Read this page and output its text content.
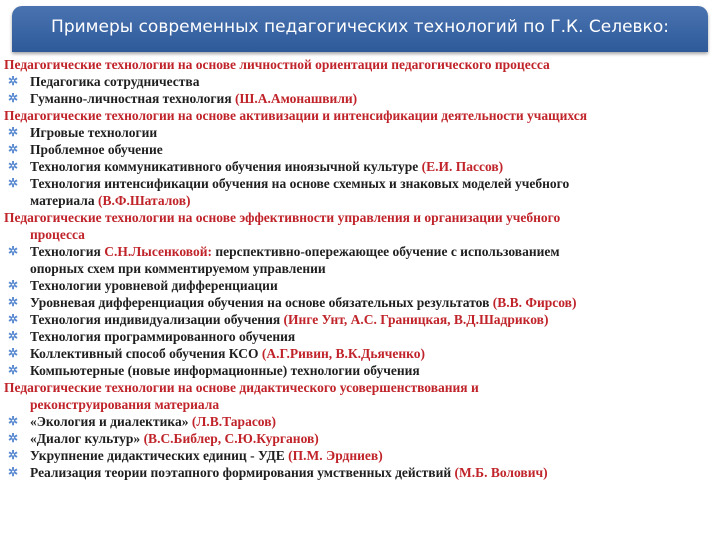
Примеры современных педагогических технологий по Г.К. Селевко:
Педагогические технологии на основе личностной ориентации педагогического процесса
✲ Педагогика сотрудничества
✲ Гуманно-личностная технология (Ш.А.Амонашвили)
Педагогические технологии на основе активизации и интенсификации деятельности учащихся
✲ Игровые технологии
✲ Проблемное обучение
✲ Технология коммуникативного обучения иноязычной культуре (Е.И. Пассов)
✲ Технология интенсификации обучения на основе схемных и знаковых моделей учебного
материала (В.Ф.Шаталов)
Педагогические технологии на основе эффективности управления и организации учебного
процесса
✲ Технология С.Н.Лысенковой: перспективно-опережающее обучение с использованием
опорных схем при комментируемом управлении
✲ Технологии уровневой дифференциации
✲ Уровневая дифференциация обучения на основе обязательных результатов (В.В. Фирсов)
✲ Технология индивидуализации обучения (Инге Унт, А.С. Границкая, В.Д.Шадриков)
✲ Технология программированного обучения
✲ Коллективный способ обучения КСО (А.Г.Ривин, В.К.Дьяченко)
✲ Компьютерные (новые информационные) технологии обучения
Педагогические технологии на основе дидактического усовершенствования и
реконструирования материала
✲ «Экология и диалектика» (Л.В.Тарасов)
✲ «Диалог культур» (В.С.Библер, С.Ю.Курганов)
✲ Укрупнение дидактических единиц - УДЕ (П.М. Эрдниев)
✲ Реализация теории поэтапного формирования умственных действий (М.Б. Волович)
